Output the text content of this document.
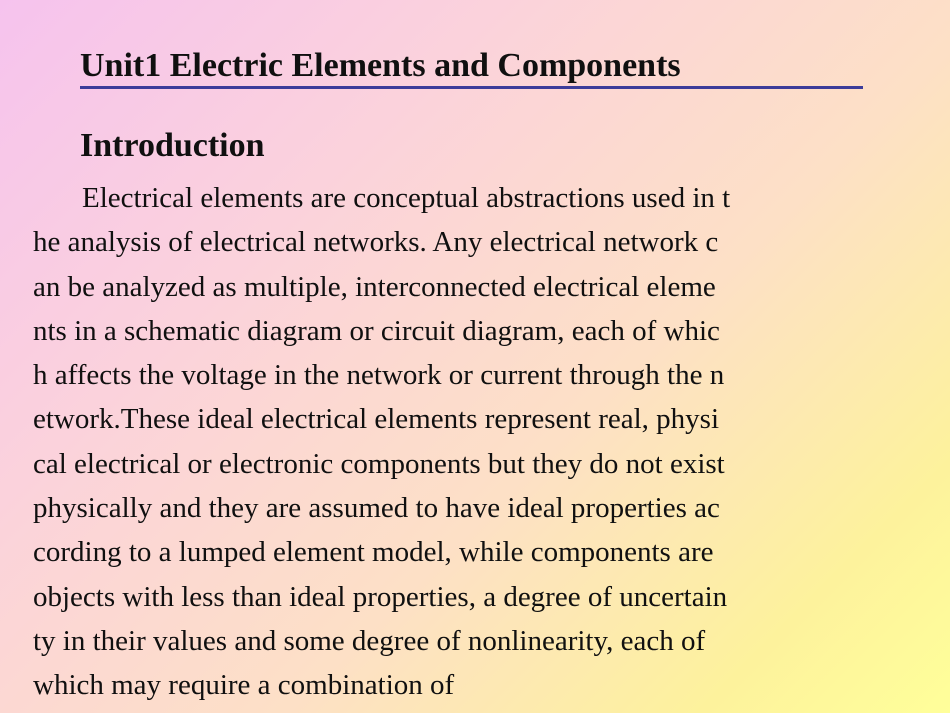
Unit1 Electric Elements and Components
Introduction
Electrical elements are conceptual abstractions used in t
he analysis of electrical networks. Any electrical network c
an be analyzed as multiple, interconnected electrical eleme
nts in a schematic diagram or circuit diagram, each of whic
h affects the voltage in the network or current through the n
etwork.These ideal electrical elements represent real, physi
cal electrical or electronic components but they do not exist
physically and they are assumed to have ideal properties ac
cording to a lumped element model, while components are
objects with less than ideal properties, a degree of uncertain
ty in their values and some degree of nonlinearity, each of
which may require a combination of
